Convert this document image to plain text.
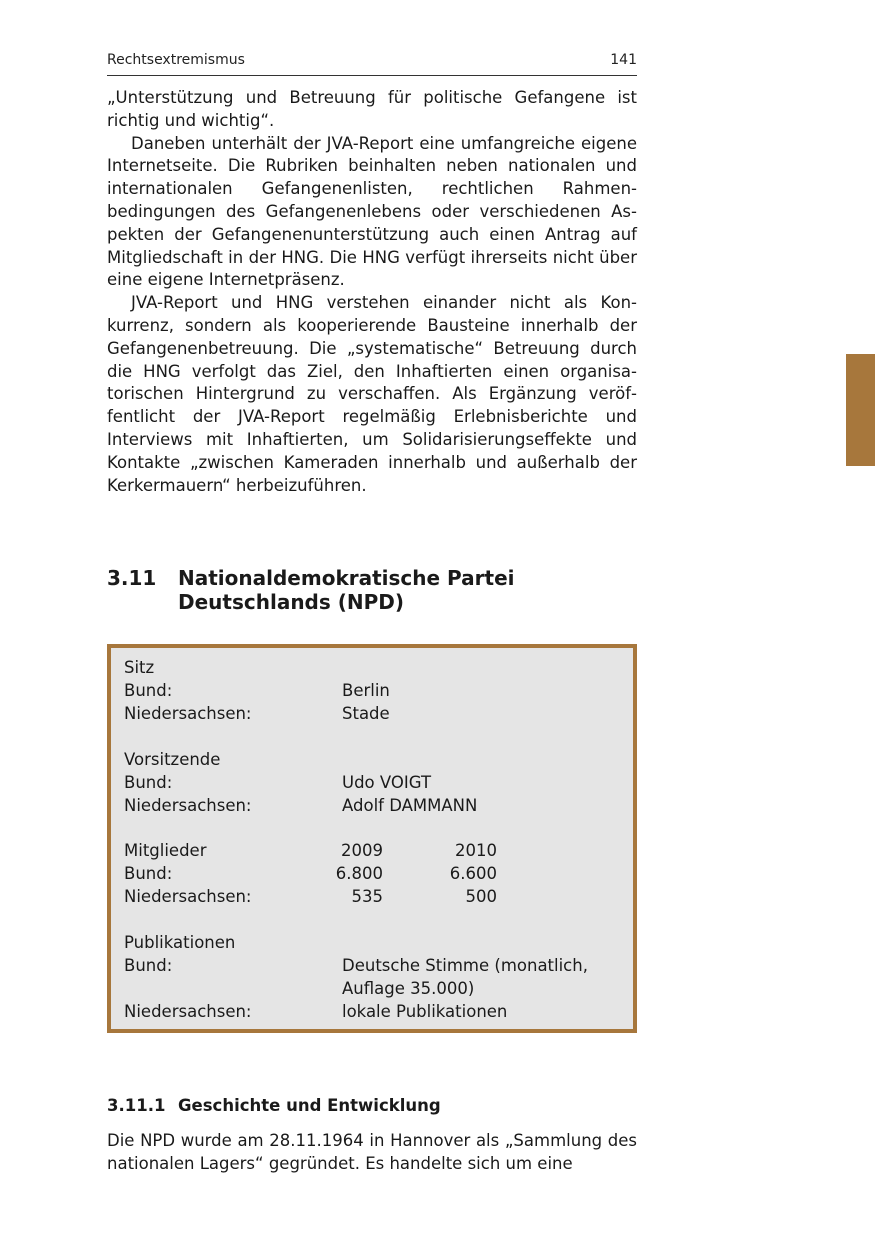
Rechtsextremismus	141

„Unterstützung und Betreuung für politische Gefangene ist richtig und wichtig“.

Daneben unterhält der JVA-Report eine umfangreiche eigene Internetseite. Die Rubriken beinhalten neben nationalen und internationalen Gefangenenlisten, rechtlichen Rahmenbedingungen des Gefangenenlebens oder verschiedenen Aspekten der Gefangenenunterstützung auch einen Antrag auf Mitgliedschaft in der HNG. Die HNG verfügt ihrerseits nicht über eine eigene Internetpräsenz.

JVA-Report und HNG verstehen einander nicht als Konkurrenz, sondern als kooperierende Bausteine innerhalb der Gefangenenbetreuung. Die „systematische“ Betreuung durch die HNG verfolgt das Ziel, den Inhaftierten einen organisatorischen Hintergrund zu verschaffen. Als Ergänzung veröffentlicht der JVA-Report regelmäßig Erlebnisberichte und Interviews mit Inhaftierten, um Solidarisierungseffekte und Kontakte „zwischen Kameraden innerhalb und außerhalb der Kerkermauern“ herbeizuführen.

3.11 Nationaldemokratische Partei
Deutschlands (NPD)
Sitz
Bund:	Berlin
Niedersachsen:	Stade
Vorsitzende
Bund:	Udo VOIGT
Niedersachsen:	Adolf DAMMANN
Mitglieder	2009	2010
Bund:	6.800	6.600
Niedersachsen:	535	500
Publikationen
Bund:	Deutsche Stimme (monatlich,
Auflage 35.000)
Niedersachsen:	lokale Publikationen
3.11.1 Geschichte und Entwicklung

Die NPD wurde am 28.11.1964 in Hannover als „Sammlung des nationalen Lagers“ gegründet. Es handelte sich um eine
